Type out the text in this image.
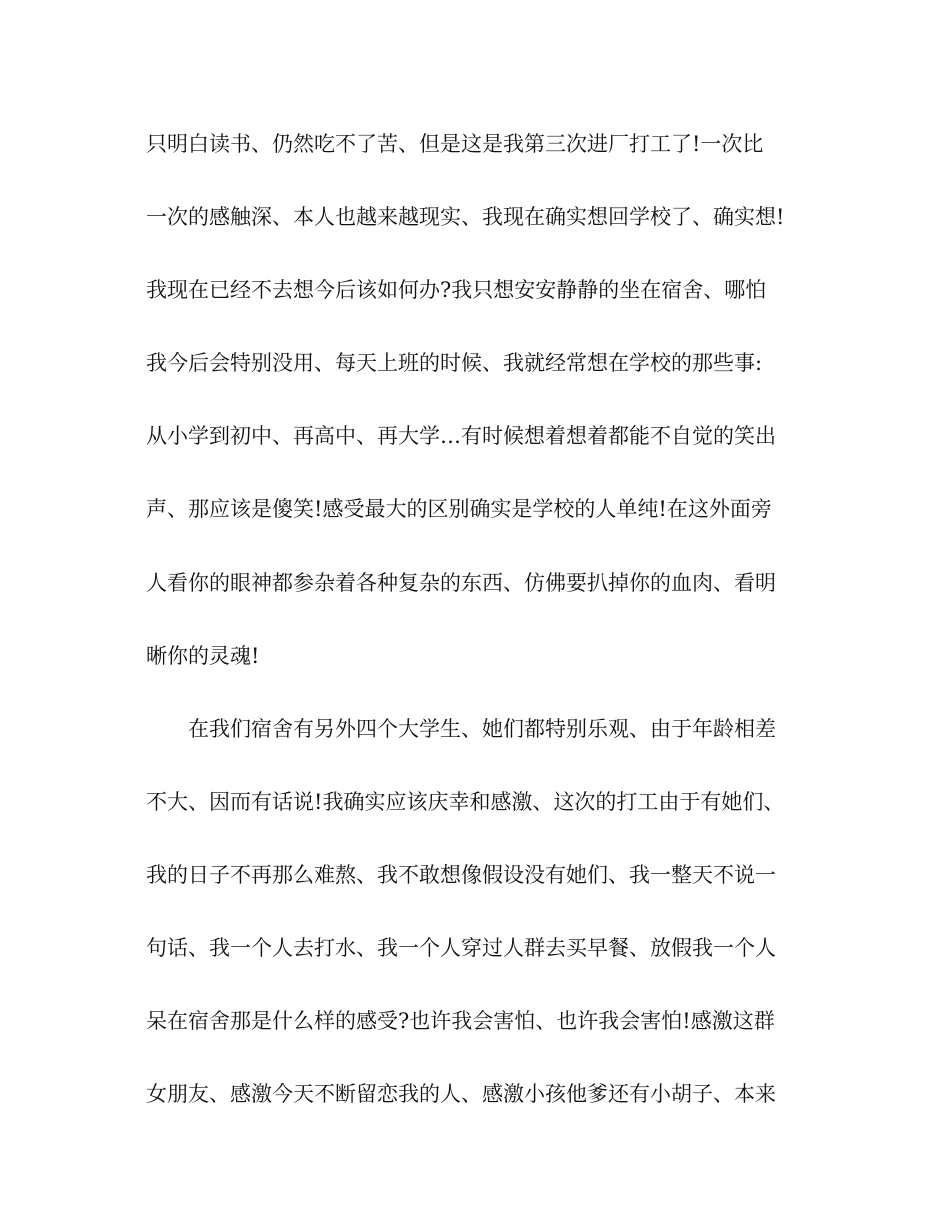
只明白读书、仍然吃不了苦、但是这是我第三次进厂打工了!一次比
一次的感触深、本人也越来越现实、我现在确实想回学校了、确实想!
我现在已经不去想今后该如何办?我只想安安静静的坐在宿舍、哪怕
我今后会特别没用、每天上班的时候、我就经常想在学校的那些事:
从小学到初中、再高中、再大学…有时候想着想着都能不自觉的笑出
声、那应该是傻笑!感受最大的区别确实是学校的人单纯!在这外面旁
人看你的眼神都参杂着各种复杂的东西、仿佛要扒掉你的血肉、看明
晰你的灵魂!
在我们宿舍有另外四个大学生、她们都特别乐观、由于年龄相差
不大、因而有话说!我确实应该庆幸和感激、这次的打工由于有她们、
我的日子不再那么难熬、我不敢想像假设没有她们、我一整天不说一
句话、我一个人去打水、我一个人穿过人群去买早餐、放假我一个人
呆在宿舍那是什么样的感受?也许我会害怕、也许我会害怕!感激这群
女朋友、感激今天不断留恋我的人、感激小孩他爹还有小胡子、本来
